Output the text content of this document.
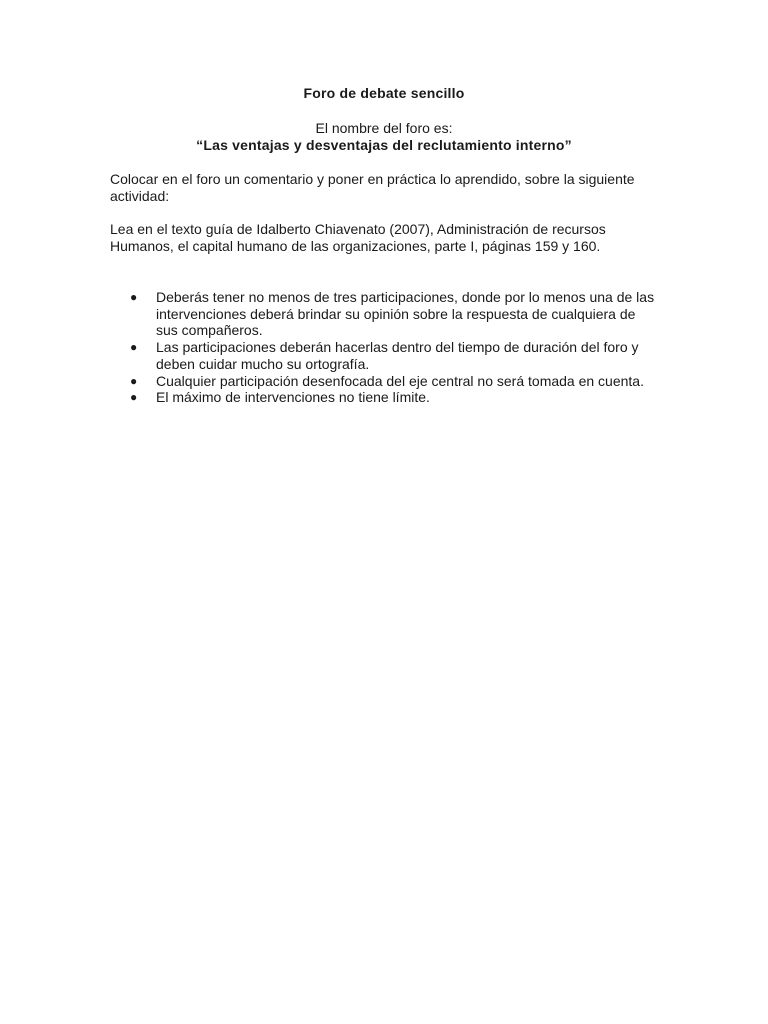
Foro de debate sencillo
El nombre del foro es:
“Las ventajas y desventajas del reclutamiento interno”

Colocar en el foro un comentario y poner en práctica lo aprendido, sobre la siguiente actividad:

Lea en el texto guía de Idalberto Chiavenato (2007), Administración de recursos Humanos, el capital humano de las organizaciones, parte I, páginas 159 y 160.

● Deberás tener no menos de tres participaciones, donde por lo menos una de las intervenciones deberá brindar su opinión sobre la respuesta de cualquiera de sus compañeros.
● Las participaciones deberán hacerlas dentro del tiempo de duración del foro y deben cuidar mucho su ortografía.
● Cualquier participación desenfocada del eje central no será tomada en cuenta.
● El máximo de intervenciones no tiene límite.
